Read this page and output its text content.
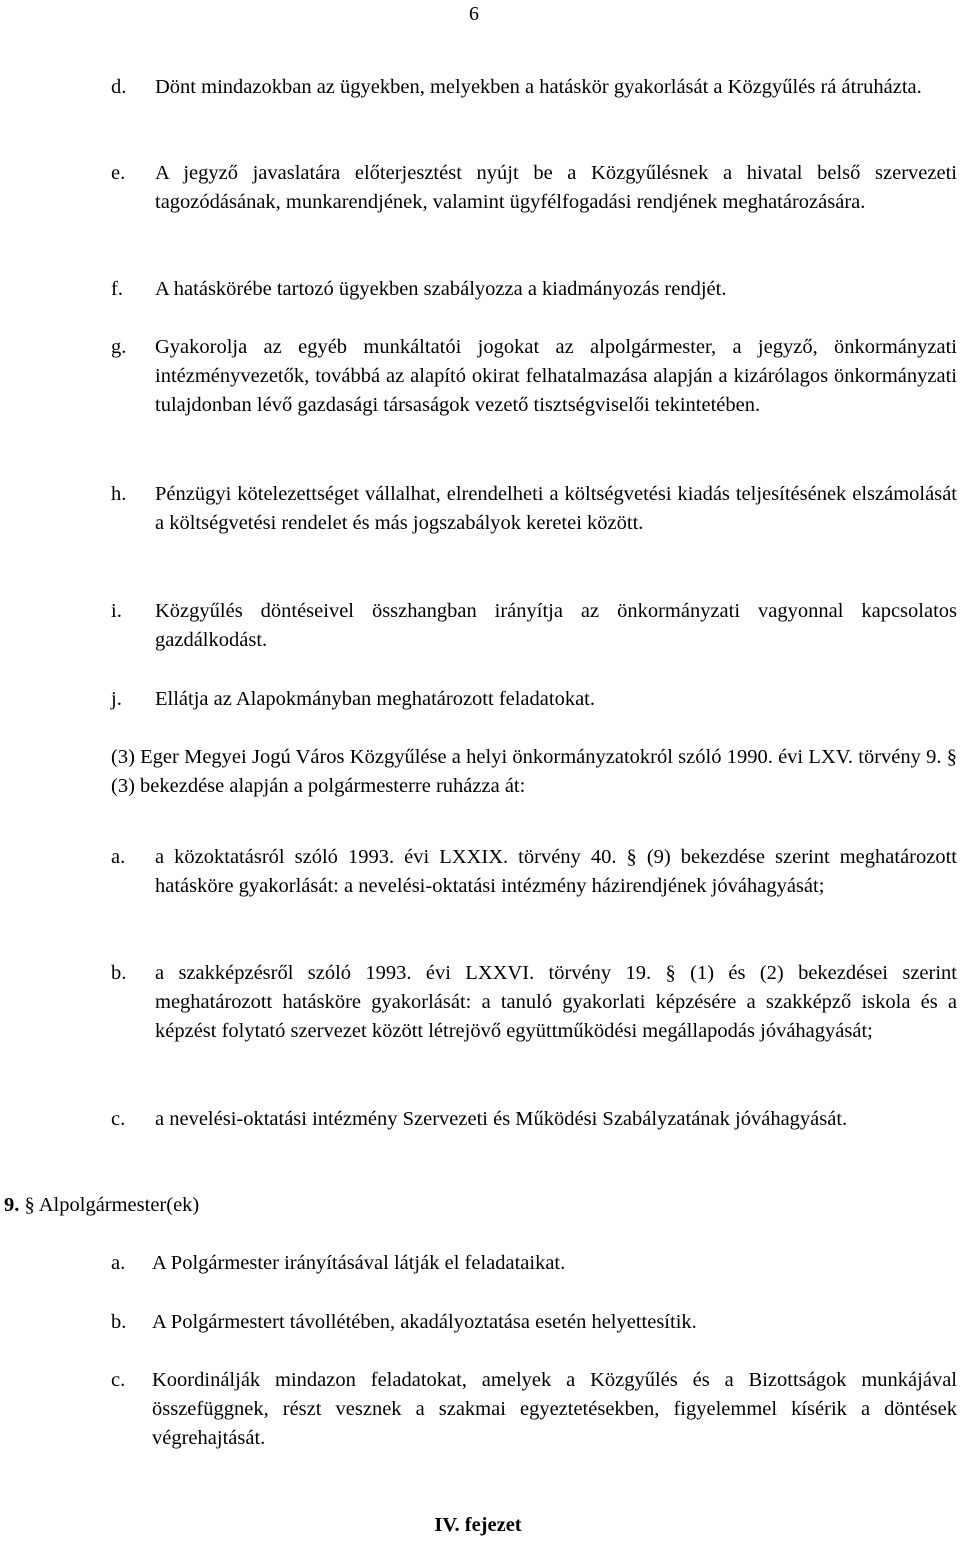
6
d. Dönt mindazokban az ügyekben, melyekben a hatáskör gyakorlását a Közgyűlés rá átruházta.
e. A jegyző javaslatára előterjesztést nyújt be a Közgyűlésnek a hivatal belső szervezeti tagozódásának, munkarendjének, valamint ügyfélfogadási rendjének meghatározására.
f. A hatáskörébe tartozó ügyekben szabályozza a kiadmányozás rendjét.
g. Gyakorolja az egyéb munkáltatói jogokat az alpolgármester, a jegyző, önkormányzati intézményvezetők, továbbá az alapító okirat felhatalmazása alapján a kizárólagos önkormányzati tulajdonban lévő gazdasági társaságok vezető tisztségviselői tekintetében.
h. Pénzügyi kötelezettséget vállalhat, elrendelheti a költségvetési kiadás teljesítésének elszámolását a költségvetési rendelet és más jogszabályok keretei között.
i. Közgyűlés döntéseivel összhangban irányítja az önkormányzati vagyonnal kapcsolatos gazdálkodást.
j. Ellátja az Alapokmányban meghatározott feladatokat.
(3) Eger Megyei Jogú Város Közgyűlése a helyi önkormányzatokról szóló 1990. évi LXV. törvény 9. § (3) bekezdése alapján a polgármesterre ruházza át:
a. a közoktatásról szóló 1993. évi LXXIX. törvény 40. § (9) bekezdése szerint meghatározott hatásköre gyakorlását: a nevelési-oktatási intézmény házirendjének jóváhagyását;
b. a szakképzésről szóló 1993. évi LXXVI. törvény 19. § (1) és (2) bekezdései szerint meghatározott hatásköre gyakorlását: a tanuló gyakorlati képzésére a szakképző iskola és a képzést folytató szervezet között létrejövő együttműködési megállapodás jóváhagyását;
c. a nevelési-oktatási intézmény Szervezeti és Működési Szabályzatának jóváhagyását.
9. § Alpolgármester(ek)
a. A Polgármester irányításával látják el feladataikat.
b. A Polgármestert távollétében, akadályoztatása esetén helyettesítik.
c. Koordinálják mindazon feladatokat, amelyek a Közgyűlés és a Bizottságok munkájával összefüggnek, részt vesznek a szakmai egyeztetésekben, figyelemmel kísérik a döntések végrehajtását.
IV. fejezet
